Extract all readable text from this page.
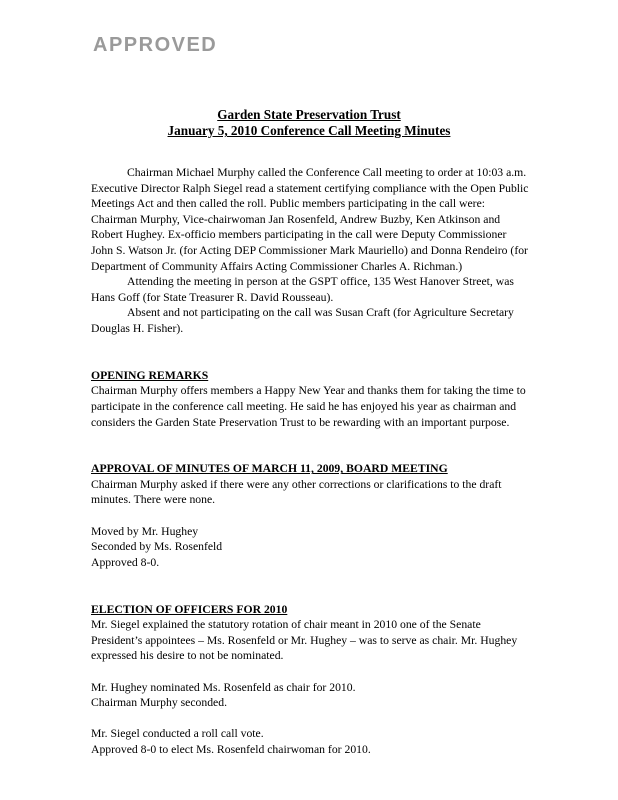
APPROVED
Garden State Preservation Trust
January 5, 2010 Conference Call Meeting Minutes

Chairman Michael Murphy called the Conference Call meeting to order at 10:03 a.m. Executive Director Ralph Siegel read a statement certifying compliance with the Open Public Meetings Act and then called the roll. Public members participating in the call were: Chairman Murphy, Vice-chairwoman Jan Rosenfeld, Andrew Buzby, Ken Atkinson and Robert Hughey. Ex-officio members participating in the call were Deputy Commissioner John S. Watson Jr. (for Acting DEP Commissioner Mark Mauriello) and Donna Rendeiro (for Department of Community Affairs Acting Commissioner Charles A. Richman.)

Attending the meeting in person at the GSPT office, 135 West Hanover Street, was Hans Goff (for State Treasurer R. David Rousseau).

Absent and not participating on the call was Susan Craft (for Agriculture Secretary Douglas H. Fisher).

OPENING REMARKS

Chairman Murphy offers members a Happy New Year and thanks them for taking the time to participate in the conference call meeting. He said he has enjoyed his year as chairman and considers the Garden State Preservation Trust to be rewarding with an important purpose.

APPROVAL OF MINUTES OF MARCH 11, 2009, BOARD MEETING

Chairman Murphy asked if there were any other corrections or clarifications to the draft minutes. There were none.

Moved by Mr. Hughey

Seconded by Ms. Rosenfeld

Approved 8-0.

ELECTION OF OFFICERS FOR 2010

Mr. Siegel explained the statutory rotation of chair meant in 2010 one of the Senate President’s appointees – Ms. Rosenfeld or Mr. Hughey – was to serve as chair. Mr. Hughey expressed his desire to not be nominated.

Mr. Hughey nominated Ms. Rosenfeld as chair for 2010.

Chairman Murphy seconded.

Mr. Siegel conducted a roll call vote.

Approved 8-0 to elect Ms. Rosenfeld chairwoman for 2010.
